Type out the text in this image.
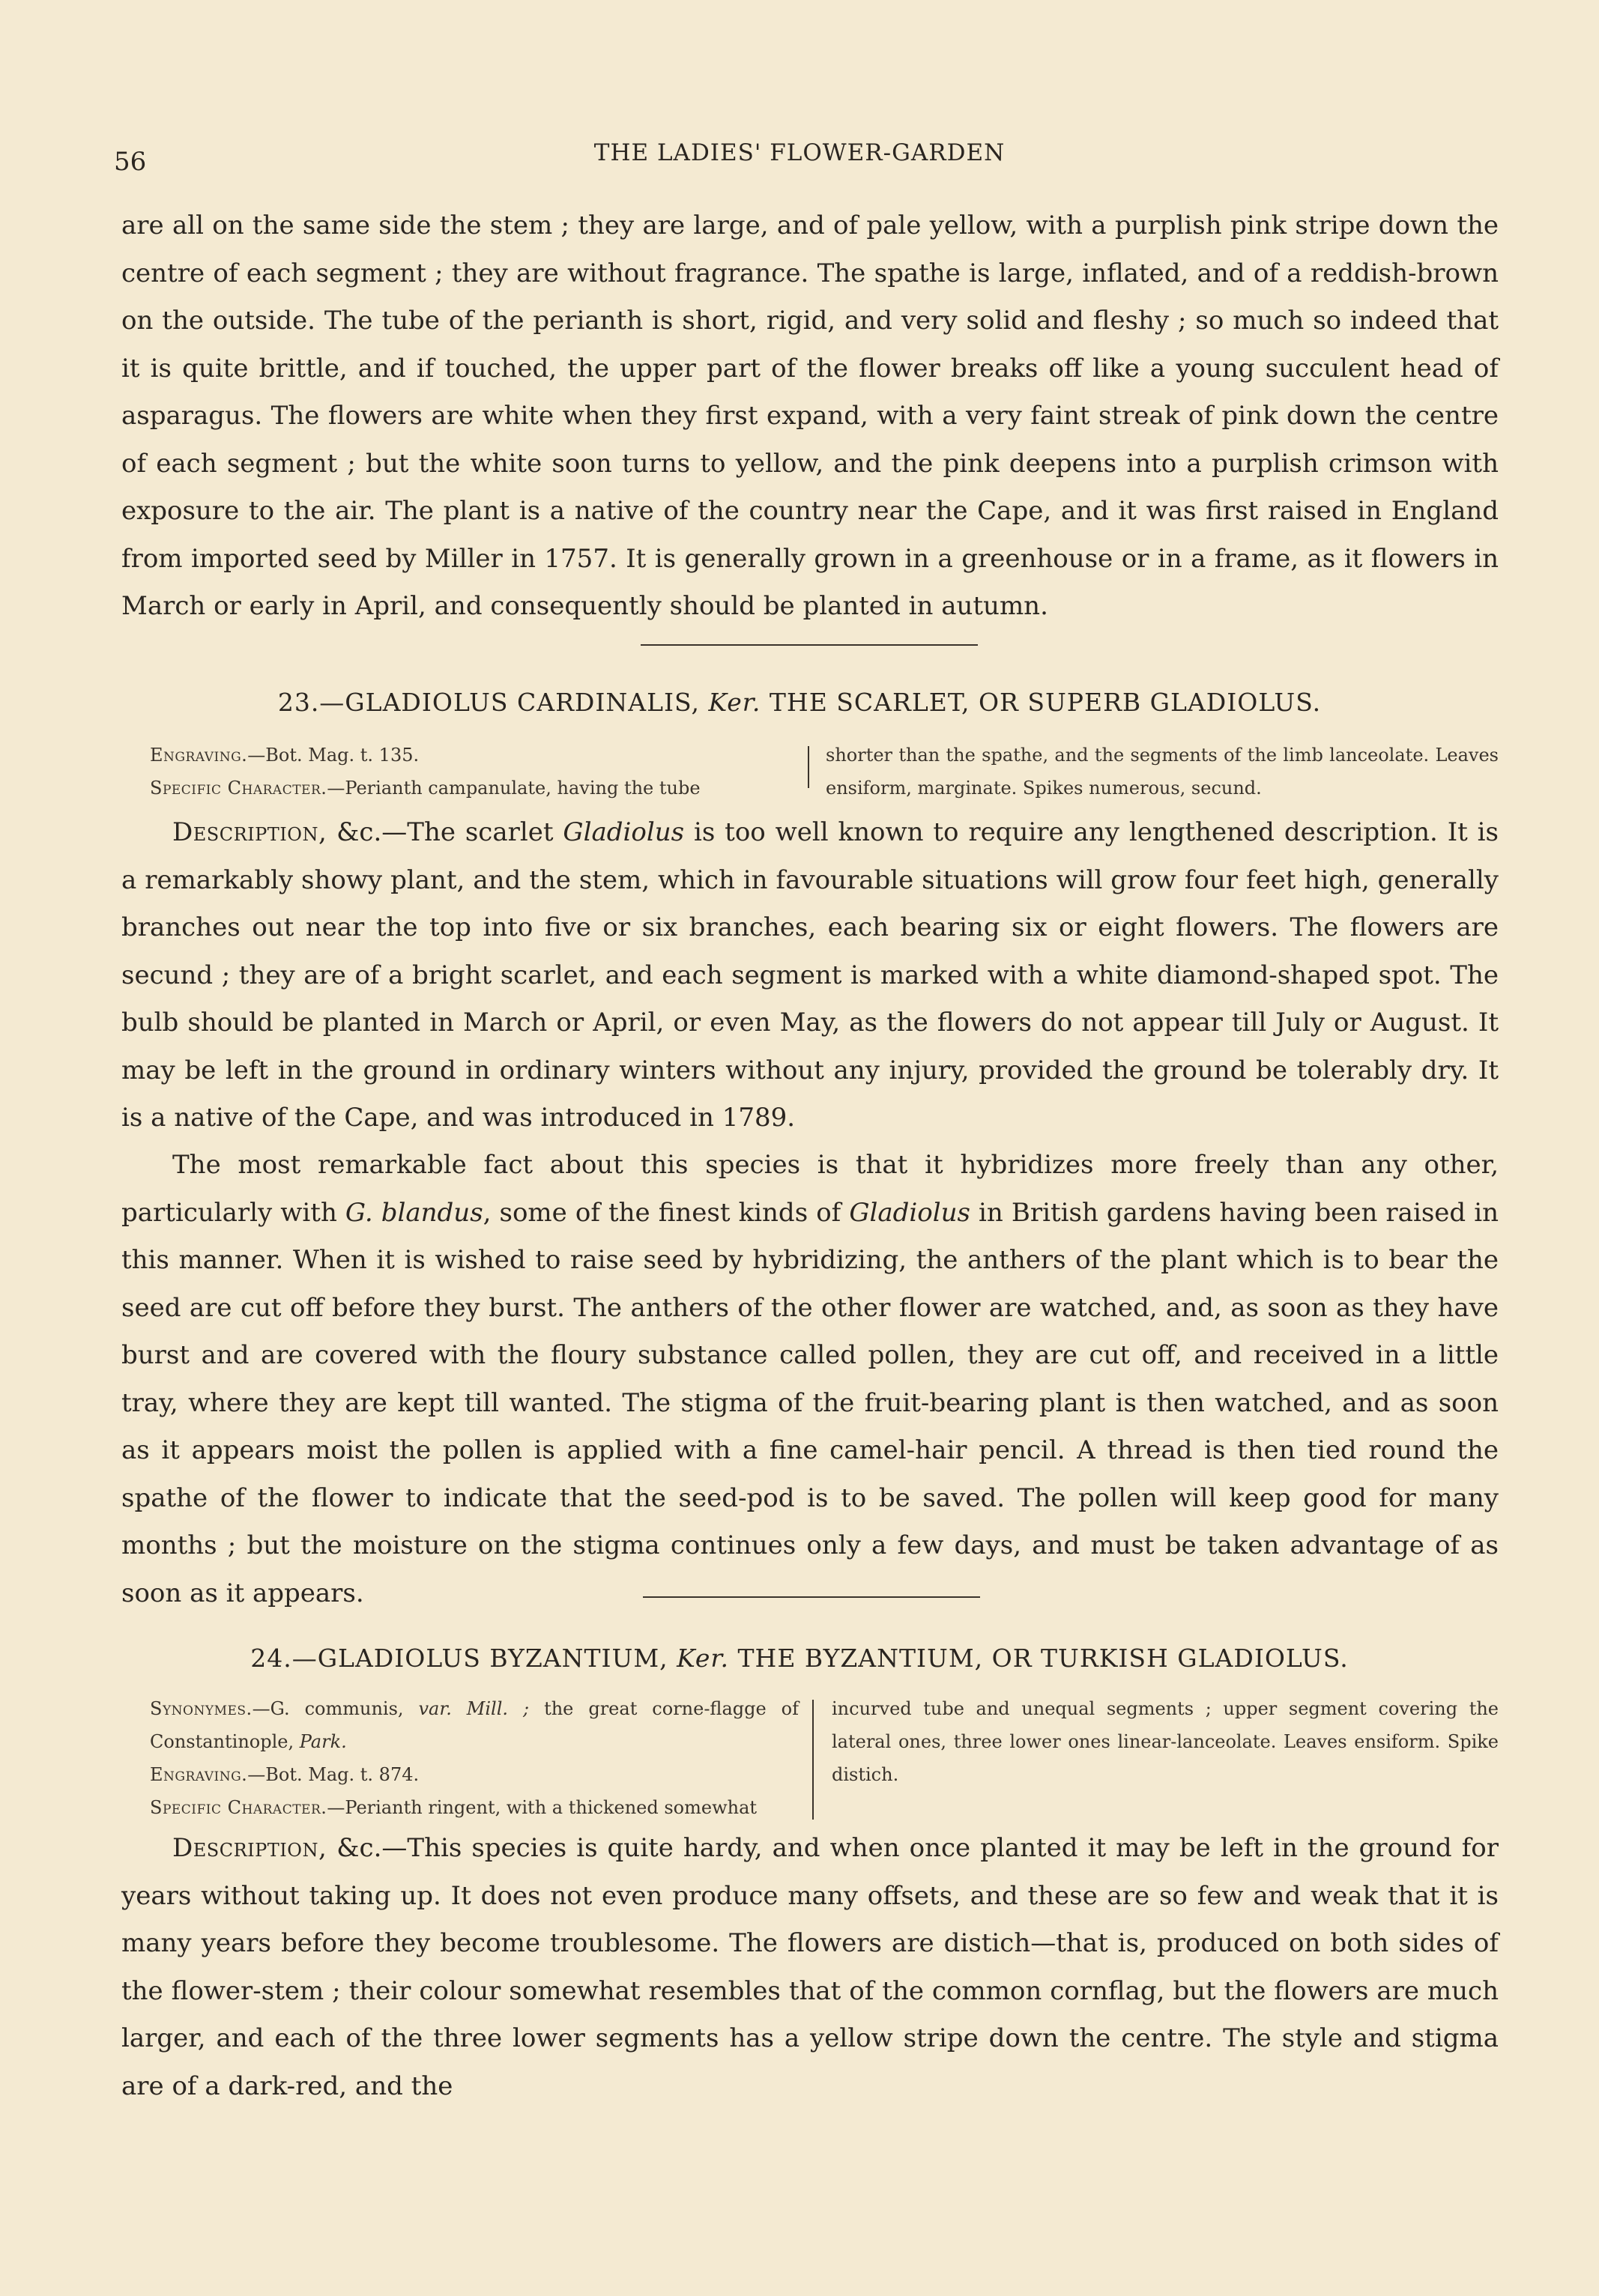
56	THE LADIES' FLOWER-GARDEN

are all on the same side the stem ; they are large, and of pale yellow, with a purplish pink stripe down the centre of each segment ; they are without fragrance. The spathe is large, inflated, and of a reddish-brown on the outside. The tube of the perianth is short, rigid, and very solid and fleshy ; so much so indeed that it is quite brittle, and if touched, the upper part of the flower breaks off like a young succulent head of asparagus. The flowers are white when they first expand, with a very faint streak of pink down the centre of each segment ; but the white soon turns to yellow, and the pink deepens into a purplish crimson with exposure to the air. The plant is a native of the country near the Cape, and it was first raised in England from imported seed by Miller in 1757. It is generally grown in a greenhouse or in a frame, as it flowers in March or early in April, and consequently should be planted in autumn.

23.—GLADIOLUS CARDINALIS, Ker. THE SCARLET, OR SUPERB GLADIOLUS.

Engraving.—Bot. Mag. t. 135.

Specific Character.—Perianth campanulate, having the tube

shorter than the spathe, and the segments of the limb lanceolate. Leaves ensiform, marginate. Spikes numerous, secund.

Description, &c.—The scarlet Gladiolus is too well known to require any lengthened description. It is a remarkably showy plant, and the stem, which in favourable situations will grow four feet high, generally branches out near the top into five or six branches, each bearing six or eight flowers. The flowers are secund ; they are of a bright scarlet, and each segment is marked with a white diamond-shaped spot. The bulb should be planted in March or April, or even May, as the flowers do not appear till July or August. It may be left in the ground in ordinary winters without any injury, provided the ground be tolerably dry. It is a native of the Cape, and was introduced in 1789.

The most remarkable fact about this species is that it hybridizes more freely than any other, particularly with G. blandus, some of the finest kinds of Gladiolus in British gardens having been raised in this manner. When it is wished to raise seed by hybridizing, the anthers of the plant which is to bear the seed are cut off before they burst. The anthers of the other flower are watched, and, as soon as they have burst and are covered with the floury substance called pollen, they are cut off, and received in a little tray, where they are kept till wanted. The stigma of the fruit-bearing plant is then watched, and as soon as it appears moist the pollen is applied with a fine camel-hair pencil. A thread is then tied round the spathe of the flower to indicate that the seed-pod is to be saved. The pollen will keep good for many months ; but the moisture on the stigma continues only a few days, and must be taken advantage of as soon as it appears.

24.—GLADIOLUS BYZANTIUM, Ker. THE BYZANTIUM, OR TURKISH GLADIOLUS.

Synonymes.—G. communis, var. Mill. ; the great corne-flagge of Constantinople, Park.

Engraving.—Bot. Mag. t. 874.

Specific Character.—Perianth ringent, with a thickened somewhat

incurved tube and unequal segments ; upper segment covering the lateral ones, three lower ones linear-lanceolate. Leaves ensiform. Spike distich.

Description, &c.—This species is quite hardy, and when once planted it may be left in the ground for years without taking up. It does not even produce many offsets, and these are so few and weak that it is many years before they become troublesome. The flowers are distich—that is, produced on both sides of the flower-stem ; their colour somewhat resembles that of the common cornflag, but the flowers are much larger, and each of the three lower segments has a yellow stripe down the centre. The style and stigma are of a dark-red, and the
